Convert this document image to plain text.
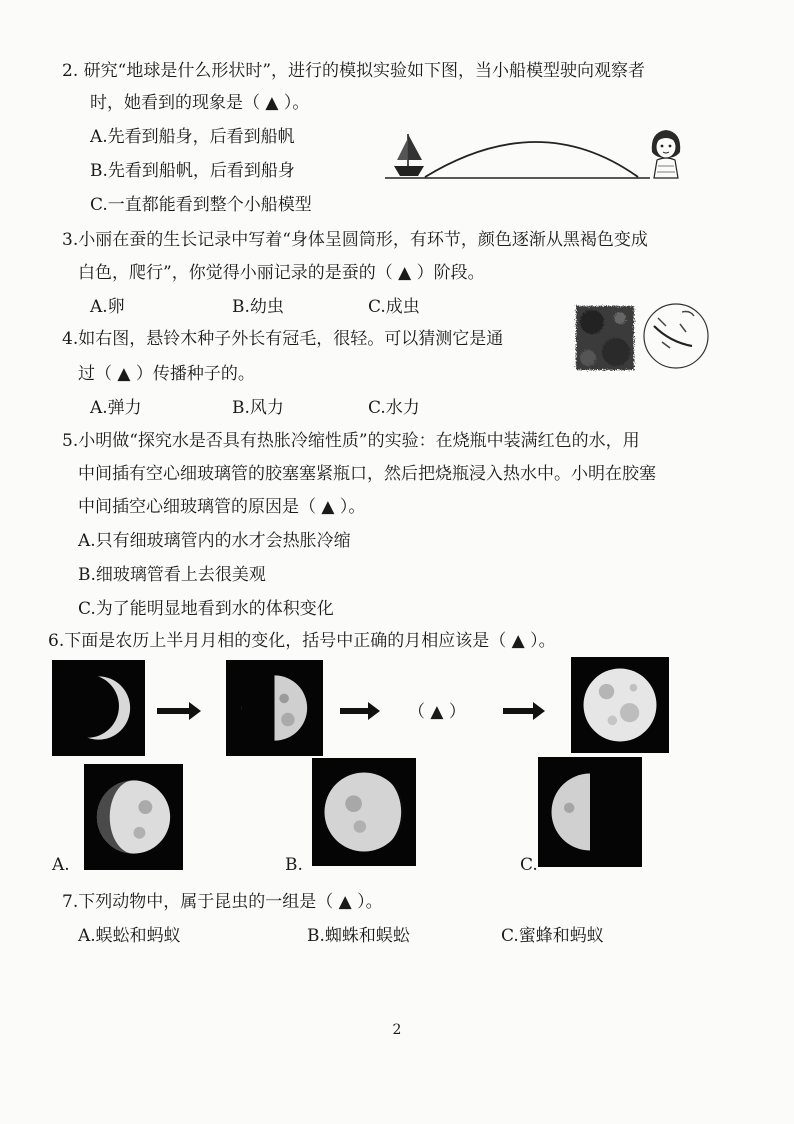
2. 研究“地球是什么形状时”，进行的模拟实验如下图，当小船模型驶向观察者
时，她看到的现象是（ ▲ ）。
A.先看到船身，后看到船帆
B.先看到船帆，后看到船身
C.一直都能看到整个小船模型
3.小丽在蚕的生长记录中写着“身体呈圆筒形，有环节，颜色逐渐从黑褐色变成
白色，爬行”，你觉得小丽记录的是蚕的（ ▲ ）阶段。
A.卵	B.幼虫	C.成虫
4.如右图，悬铃木种子外长有冠毛，很轻。可以猜测它是通
过（ ▲ ）传播种子的。
A.弹力	B.风力	C.水力
5.小明做“探究水是否具有热胀冷缩性质”的实验：在烧瓶中装满红色的水，用
中间插有空心细玻璃管的胶塞塞紧瓶口，然后把烧瓶浸入热水中。小明在胶塞
中间插空心细玻璃管的原因是（ ▲ ）。
A.只有细玻璃管内的水才会热胀冷缩
B.细玻璃管看上去很美观
C.为了能明显地看到水的体积变化
6.下面是农历上半月月相的变化，括号中正确的月相应该是（ ▲ ）。
（ ▲ ）
A.	B.	C.
7.下列动物中，属于昆虫的一组是（ ▲ ）。
A.蜈蚣和蚂蚁	B.蜘蛛和蜈蚣	C.蜜蜂和蚂蚁
2
